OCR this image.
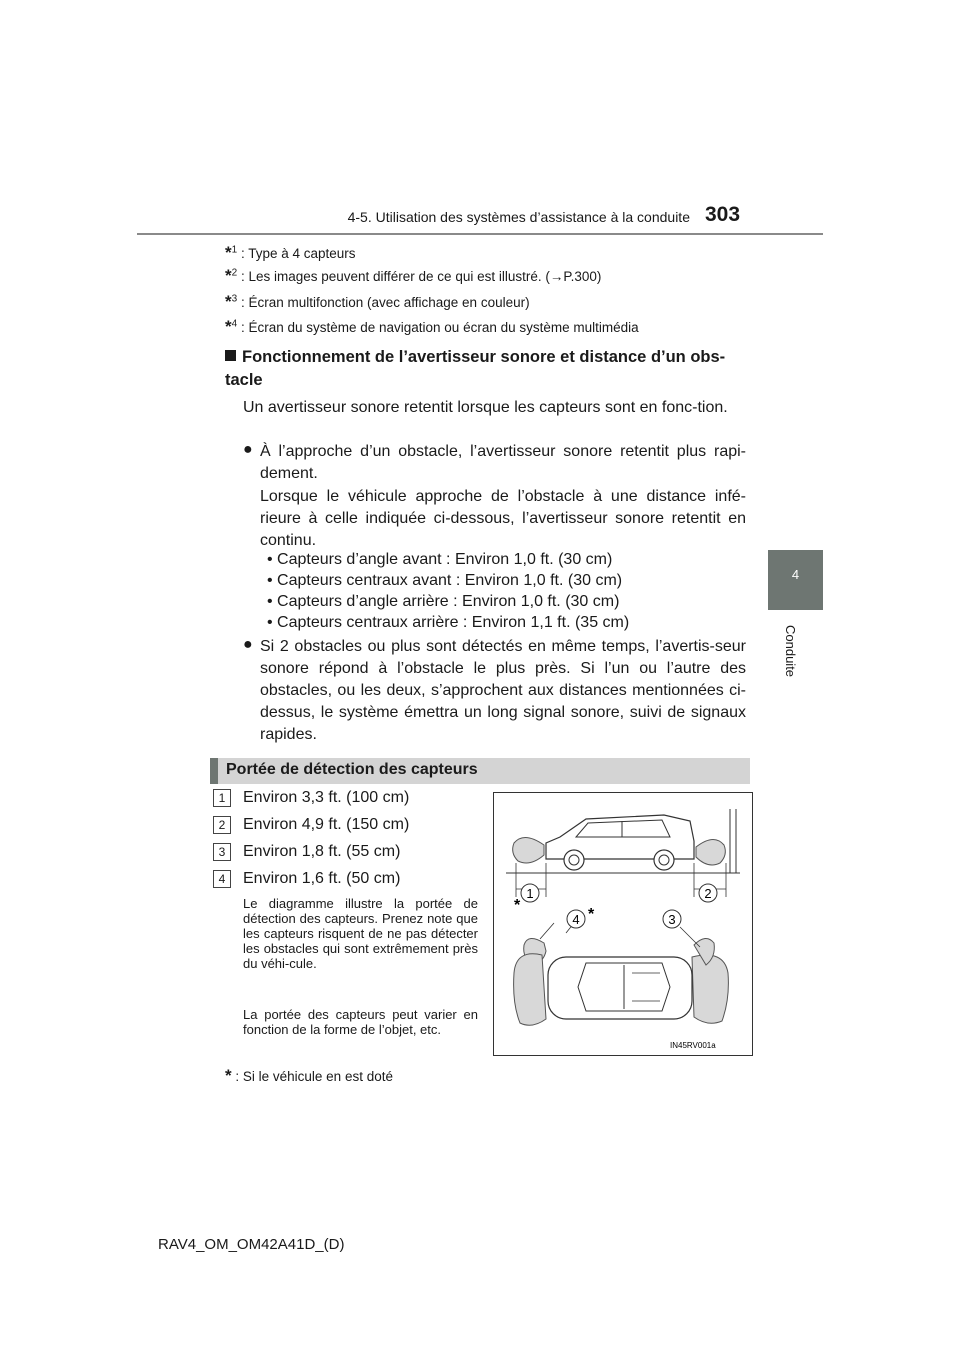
4-5. Utilisation des systèmes d’assistance à la conduite 303
4
Conduite
*$^1$ : Type à 4 capteurs
*$^2$ : Les images peuvent différer de ce qui est illustré. (→P.300)
*$^3$ : Écran multifonction (avec affichage en couleur)
*$^4$ : Écran du système de navigation ou écran du système multimédia
Fonctionnement de l’avertisseur sonore et distance d’un obs-tacle
Un avertisseur sonore retentit lorsque les capteurs sont en fonc-tion.
● À l’approche d’un obstacle, l’avertisseur sonore retentit plus rapi-dement.
Lorsque le véhicule approche de l’obstacle à une distance infé-rieure à celle indiquée ci-dessous, l’avertisseur sonore retentit en continu.
• Capteurs d’angle avant : Environ 1,0 ft. (30 cm)
• Capteurs centraux avant : Environ 1,0 ft. (30 cm)
• Capteurs d’angle arrière : Environ 1,0 ft. (30 cm)
• Capteurs centraux arrière : Environ 1,1 ft. (35 cm)
● Si 2 obstacles ou plus sont détectés en même temps, l’avertis-seur sonore répond à l’obstacle le plus près. Si l’un ou l’autre des obstacles, ou les deux, s’approchent aux distances mentionnées ci-dessus, le système émettra un long signal sonore, suivi de signaux rapides.
Portée de détection des capteurs
1	Environ 3,3 ft. (100 cm)
2	Environ 4,9 ft. (150 cm)
3	Environ 1,8 ft. (55 cm)
4	Environ 1,6 ft. (50 cm)
Le diagramme illustre la portée de détection des capteurs. Prenez note que les capteurs risquent de ne pas détecter les obstacles qui sont extrêmement près du véhi-cule.
La portée des capteurs peut varier en fonction de la forme de l’objet, etc.
* : Si le véhicule en est doté
1	2
*
4 *	3
IN45RV001a
RAV4_OM_OM42A41D_(D)
